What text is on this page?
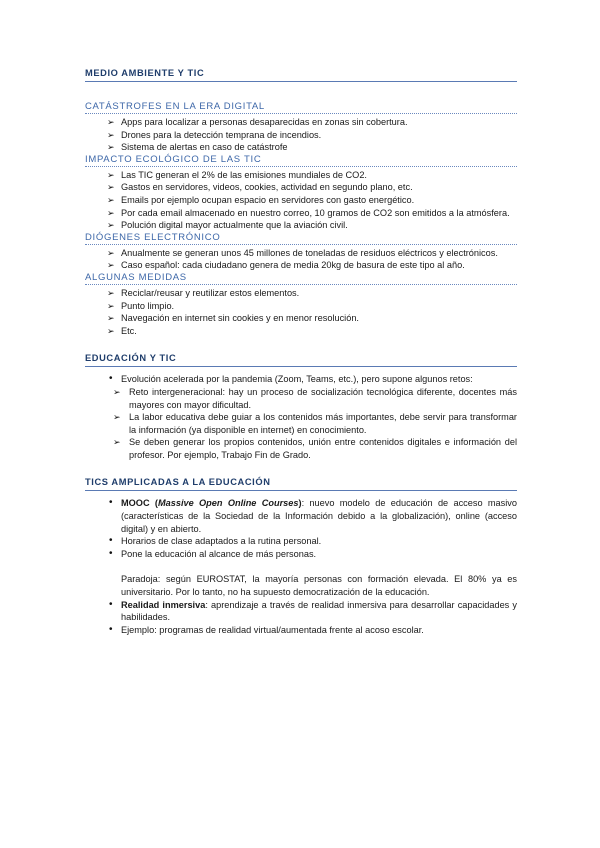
MEDIO AMBIENTE Y TIC
CATÁSTROFES EN LA ERA DIGITAL
➢ Apps para localizar a personas desaparecidas en zonas sin cobertura.
➢ Drones para la detección temprana de incendios.
➢ Sistema de alertas en caso de catástrofe
IMPACTO ECOLÓGICO DE LAS TIC
➢ Las TIC generan el 2% de las emisiones mundiales de CO2.
➢ Gastos en servidores, videos, cookies, actividad en segundo plano, etc.
➢ Emails por ejemplo ocupan espacio en servidores con gasto energético.
➢ Por cada email almacenado en nuestro correo, 10 gramos de CO2 son emitidos a la atmósfera.
➢ Polución digital mayor actualmente que la aviación civil.
DIÓGENES ELECTRÓNICO
➢ Anualmente se generan unos 45 millones de toneladas de residuos eléctricos y electrónicos.
➢ Caso español: cada ciudadano genera de media 20kg de basura de este tipo al año.
ALGUNAS MEDIDAS
➢ Reciclar/reusar y reutilizar estos elementos.
➢ Punto limpio.
➢ Navegación en internet sin cookies y en menor resolución.
➢ Etc.
EDUCACIÓN Y TIC
• Evolución acelerada por la pandemia (Zoom, Teams, etc.), pero supone algunos retos:
➢ Reto intergeneracional: hay un proceso de socialización tecnológica diferente, docentes más mayores con mayor dificultad.
➢ La labor educativa debe guiar a los contenidos más importantes, debe servir para transformar la información (ya disponible en internet) en conocimiento.
➢ Se deben generar los propios contenidos, unión entre contenidos digitales e información del profesor. Por ejemplo, Trabajo Fin de Grado.
TICS AMPLICADAS A LA EDUCACIÓN
• MOOC (Massive Open Online Courses): nuevo modelo de educación de acceso masivo (características de la Sociedad de la Información debido a la globalización), online (acceso digital) y en abierto.
• Horarios de clase adaptados a la rutina personal.
• Pone la educación al alcance de más personas.
Paradoja: según EUROSTAT, la mayoría personas con formación elevada. El 80% ya es universitario. Por lo tanto, no ha supuesto democratización de la educación.
• Realidad inmersiva: aprendizaje a través de realidad inmersiva para desarrollar capacidades y habilidades.
• Ejemplo: programas de realidad virtual/aumentada frente al acoso escolar.
